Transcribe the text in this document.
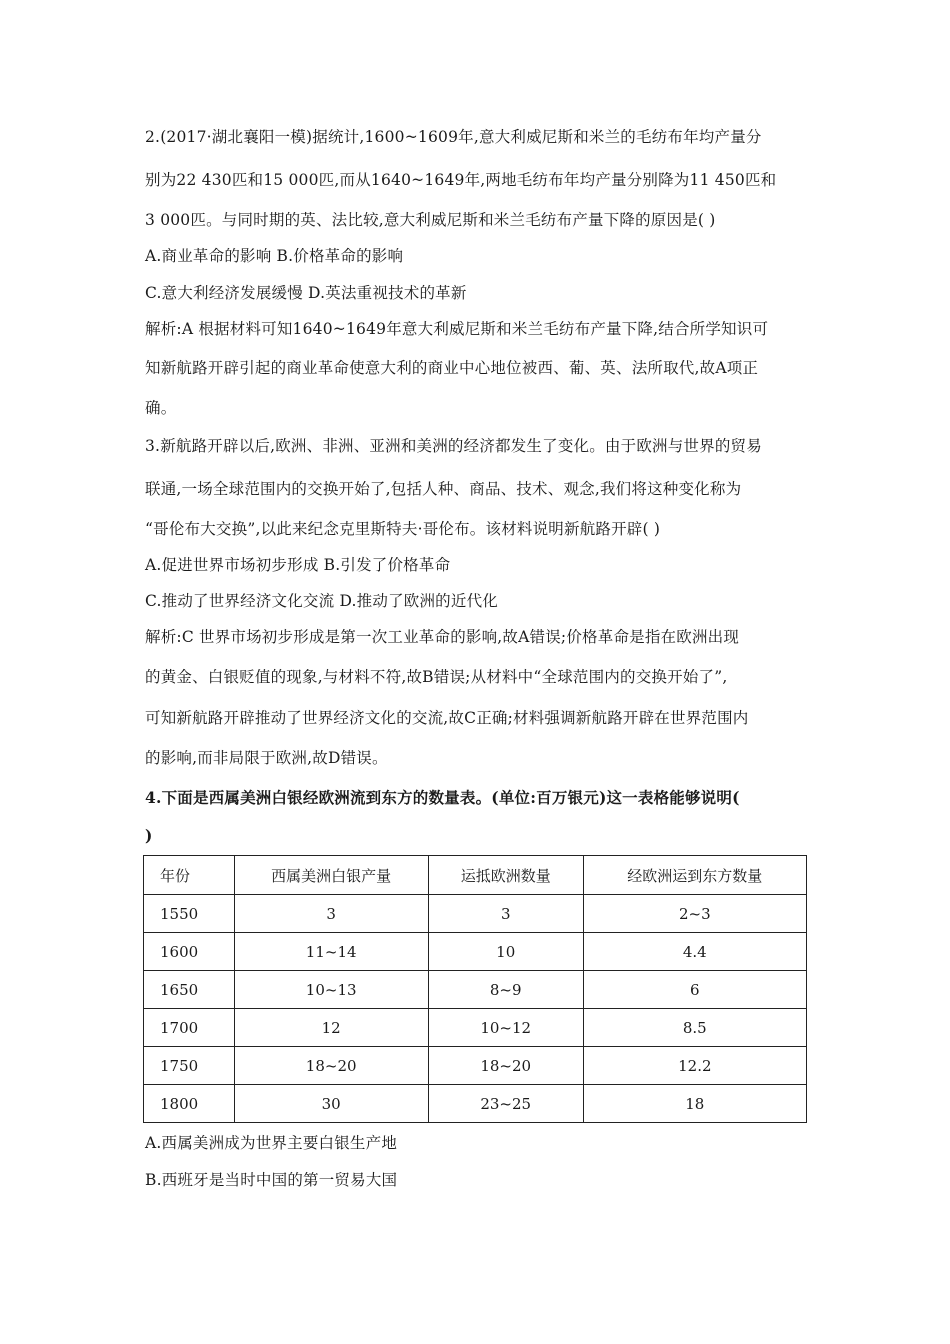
2.(2017·湖北襄阳一模)据统计,1600~1609年,意大利威尼斯和米兰的毛纺布年均产量分
别为22 430匹和15 000匹,而从1640~1649年,两地毛纺布年均产量分别降为11 450匹和
3 000匹。与同时期的英、法比较,意大利威尼斯和米兰毛纺布产量下降的原因是( )
A.商业革命的影响 B.价格革命的影响
C.意大利经济发展缓慢 D.英法重视技术的革新
解析:A 根据材料可知1640~1649年意大利威尼斯和米兰毛纺布产量下降,结合所学知识可
知新航路开辟引起的商业革命使意大利的商业中心地位被西、葡、英、法所取代,故A项正
确。
3.新航路开辟以后,欧洲、非洲、亚洲和美洲的经济都发生了变化。由于欧洲与世界的贸易
联通,一场全球范围内的交换开始了,包括人种、商品、技术、观念,我们将这种变化称为
“哥伦布大交换”,以此来纪念克里斯特夫·哥伦布。该材料说明新航路开辟( )
A.促进世界市场初步形成 B.引发了价格革命
C.推动了世界经济文化交流 D.推动了欧洲的近代化
解析:C 世界市场初步形成是第一次工业革命的影响,故A错误;价格革命是指在欧洲出现
的黄金、白银贬值的现象,与材料不符,故B错误;从材料中“全球范围内的交换开始了”,
可知新航路开辟推动了世界经济文化的交流,故C正确;材料强调新航路开辟在世界范围内
的影响,而非局限于欧洲,故D错误。
4.下面是西属美洲白银经欧洲流到东方的数量表。(单位:百万银元)这一表格能够说明(
)
年份	西属美洲白银产量	运抵欧洲数量	经欧洲运到东方数量
1550	3	3	2~3
1600	11~14	10	4.4
1650	10~13	8~9	6
1700	12	10~12	8.5
1750	18~20	18~20	12.2
1800	30	23~25	18
A.西属美洲成为世界主要白银生产地
B.西班牙是当时中国的第一贸易大国
